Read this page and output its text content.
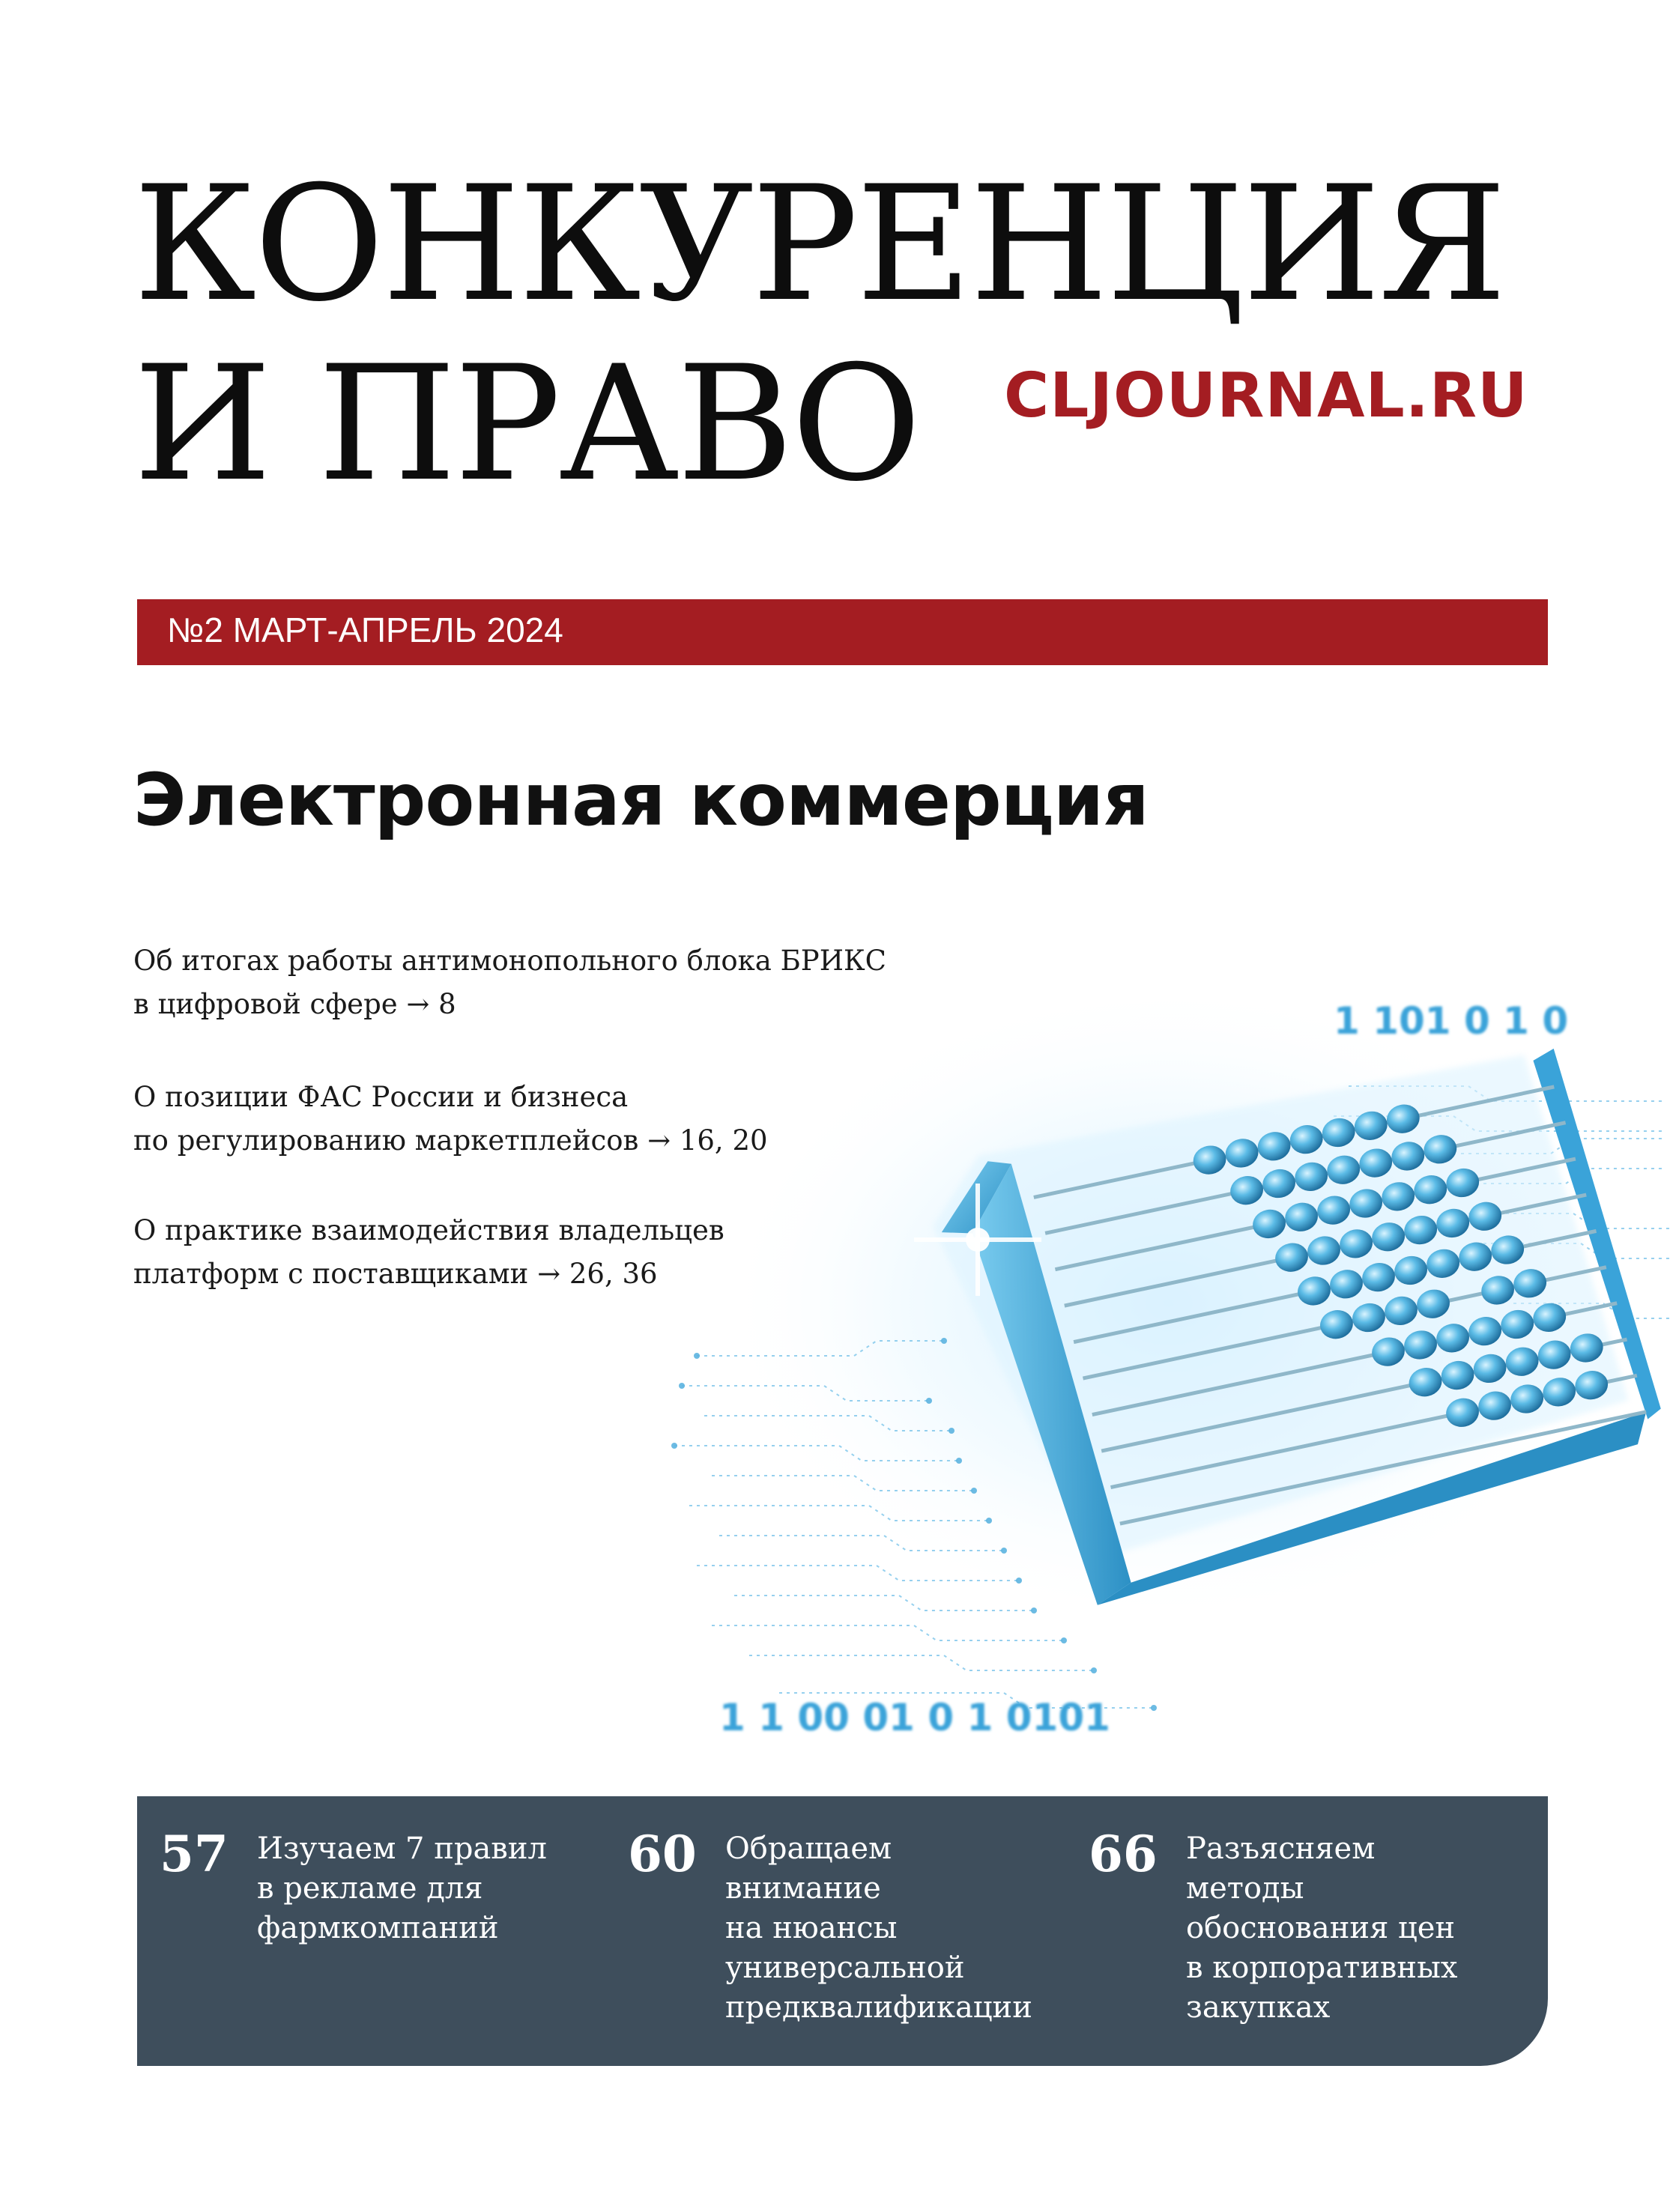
КОНКУРЕНЦИЯ
И ПРАВО CLJOURNAL.RU
№2 МАРТ-АПРЕЛЬ 2024
Электронная коммерция
1 101 0 1 0
1 1 00 01 0 1 0101
Об итогах работы антимонопольного блока БРИКС
в цифровой сфере → 8
О позиции ФАС России и бизнеса
по регулированию маркетплейсов → 16, 20
О практике взаимодействия владельцев
платформ с поставщиками → 26, 36
57 Изучаем 7 правил
в рекламе для
фармкомпаний
60 Обращаем
внимание
на нюансы
универсальной
предквалификации
66 Разъясняем
методы
обоснования цен
в корпоративных
закупках
